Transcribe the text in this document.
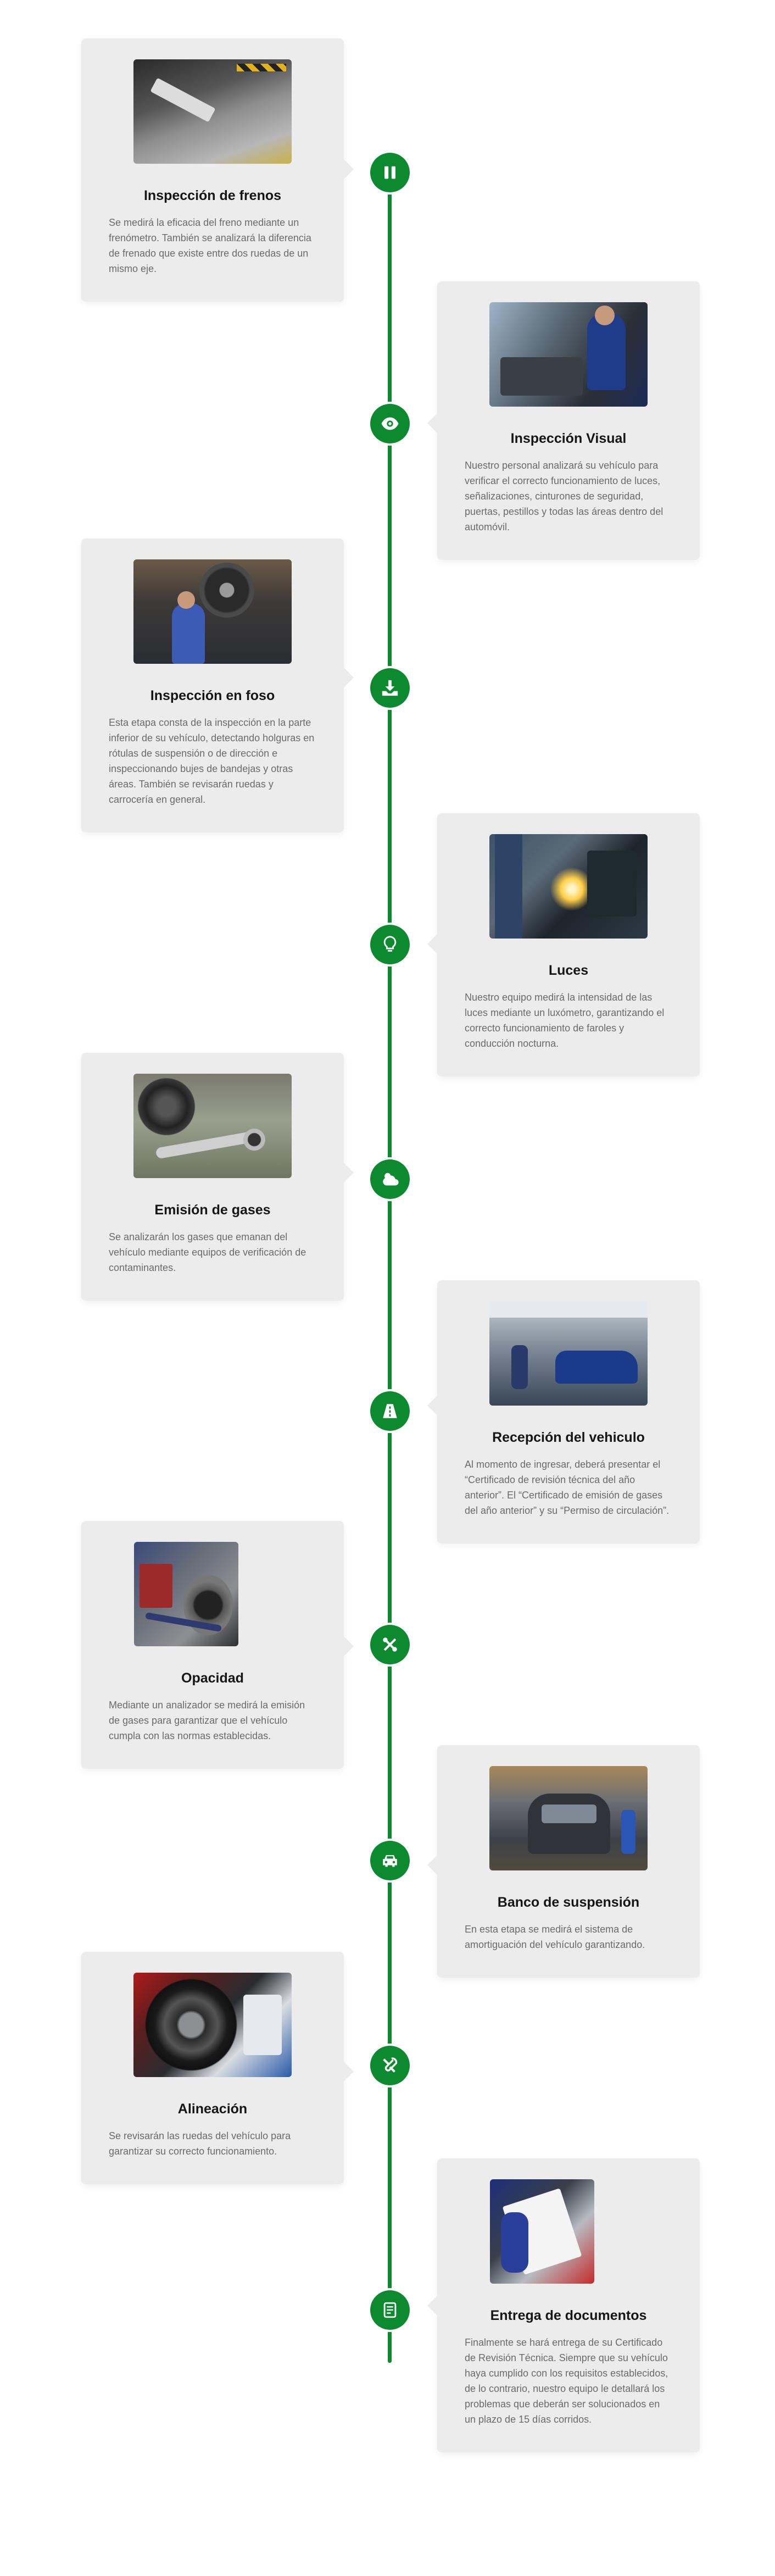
Inspección de frenos

Se medirá la eficacia del freno mediante un frenómetro. También se analizará la diferencia de frenado que existe entre dos ruedas de un mismo eje.

Inspección Visual

Nuestro personal analizará su vehículo para verificar el correcto funcionamiento de luces, señalizaciones, cinturones de seguridad, puertas, pestillos y todas las áreas dentro del automóvil.

Inspección en foso

Esta etapa consta de la inspección en la parte inferior de su vehículo, detectando holguras en rótulas de suspensión o de dirección e inspeccionando bujes de bandejas y otras áreas. También se revisarán ruedas y carrocería en general.

Luces

Nuestro equipo medirá la intensidad de las luces mediante un luxómetro, garantizando el correcto funcionamiento de faroles y conducción nocturna.

Emisión de gases

Se analizarán los gases que emanan del vehículo mediante equipos de verificación de contaminantes.

Recepción del vehiculo

Al momento de ingresar, deberá presentar el “Certificado de revisión técnica del año anterior”. El “Certificado de emisión de gases del año anterior” y su “Permiso de circulación”.

Opacidad

Mediante un analizador se medirá la emisión de gases para garantizar que el vehículo cumpla con las normas establecidas.

Banco de suspensión

En esta etapa se medirá el sistema de amortiguación del vehículo garantizando.

Alineación

Se revisarán las ruedas del vehículo para garantizar su correcto funcionamiento.

Entrega de documentos

Finalmente se hará entrega de su Certificado de Revisión Técnica. Siempre que su vehículo haya cumplido con los requisitos establecidos, de lo contrario, nuestro equipo le detallará los problemas que deberán ser solucionados en un plazo de 15 días corridos.
